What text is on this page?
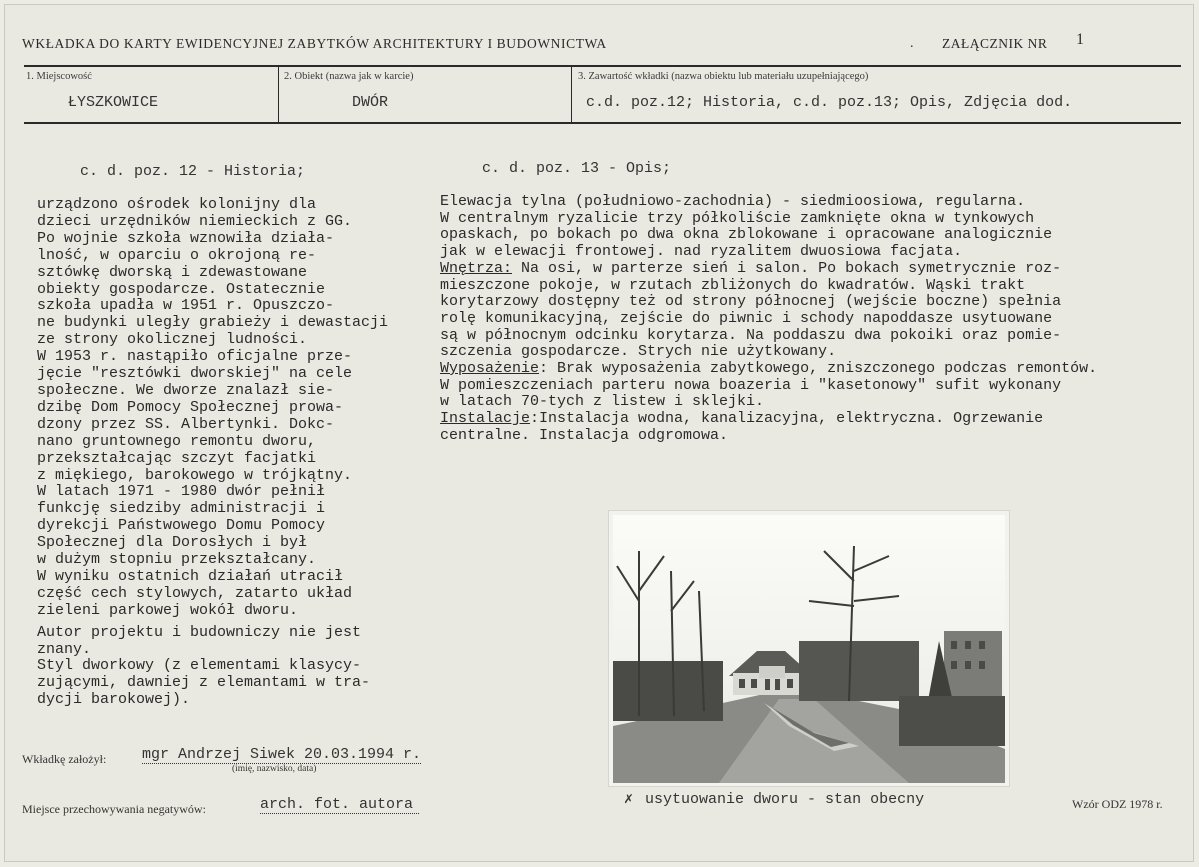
WKŁADKA DO KARTY EWIDENCYJNEJ ZABYTKÓW ARCHITEKTURY I BUDOWNICTWA	. ZAŁĄCZNIK NR 1
1. Miejscowość
ŁYSZKOWICE
2. Obiekt (nazwa jak w karcie)
DWÓR
3. Zawartość wkładki (nazwa obiektu lub materiału uzupełniającego)
c.d. poz.12; Historia, c.d. poz.13; Opis, Zdjęcia dod.
c. d. poz. 12 - Historia;	c. d. poz. 13 - Opis;

urządzono ośrodek kolonijny dla

dzieci urzędników niemieckich z GG.

Po wojnie szkoła wznowiła działa-

lność, w oparciu o okrojoną re-

sztówkę dworską i zdewastowane

obiekty gospodarcze. Ostatecznie

szkoła upadła w 1951 r. Opuszczo-

ne budynki uległy grabieży i dewastacji

ze strony okolicznej ludności.

W 1953 r. nastąpiło oficjalne prze-

jęcie "resztówki dworskiej" na cele

społeczne. We dworze znalazł sie-

dzibę Dom Pomocy Społecznej prowa-

dzony przez SS. Albertynki. Dokc-

nano gruntownego remontu dworu,

przekształcając szczyt facjatki

z miękiego, barokowego w trójkątny.

W latach 1971 - 1980 dwór pełnił

funkcję siedziby administracji i

dyrekcji Państwowego Domu Pomocy

Społecznej dla Dorosłych i był

w dużym stopniu przekształcany.

W wyniku ostatnich działań utracił

część cech stylowych, zatarto układ

zieleni parkowej wokół dworu.

Autor projektu i budowniczy nie jest

znany.

Styl dworkowy (z elementami klasycy-

zującymi, dawniej z elemantami w tra-

dycji barokowej).

Elewacja tylna (południowo-zachodnia) - siedmioosiowa, regularna.

W centralnym ryzalicie trzy półkoliście zamknięte okna w tynkowych

opaskach, po bokach po dwa okna zblokowane i opracowane analogicznie

jak w elewacji frontowej. nad ryzalitem dwuosiowa facjata.

Wnętrza: Na osi, w parterze sień i salon. Po bokach symetrycznie roz-

mieszczone pokoje, w rzutach zbliżonych do kwadratów. Wąski trakt

korytarzowy dostępny też od strony północnej (wejście boczne) spełnia

rolę komunikacyjną, zejście do piwnic i schody napoddasze usytuowane

są w północnym odcinku korytarza. Na poddaszu dwa pokoiki oraz pomie-

szczenia gospodarcze. Strych nie użytkowany.

Wyposażenie: Brak wyposażenia zabytkowego, zniszczonego podczas remontów.

W pomieszczeniach parteru nowa boazeria i "kasetonowy" sufit wykonany

w latach 70-tych z listew i sklejki.

Instalacje:Instalacja wodna, kanalizacyjna, elektryczna. Ogrzewanie

centralne. Instalacja odgromowa.

✗ usytuowanie dworu - stan obecny
Wkładkę założył: mgr Andrzej Siwek 20.03.1994 r.
(imię, nazwisko, data)
Miejsce przechowywania negatywów:	arch. fot. autora	Wzór ODZ 1978 r.
